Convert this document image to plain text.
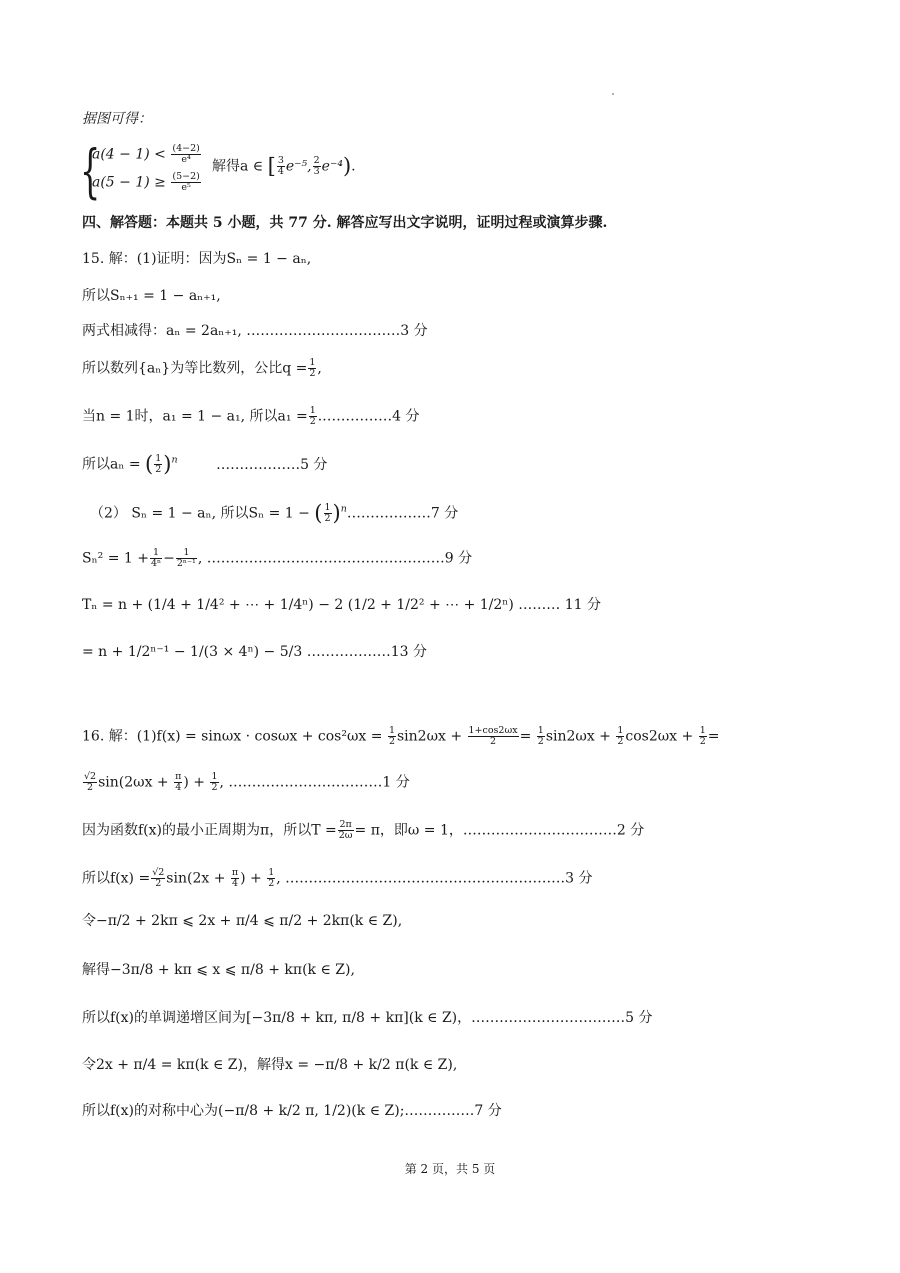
据图可得：
{
$a(4 - 1) < \frac{(4-2)}{\text{e⁴}}$
$a(5 - 1) \ge \frac{(5-2)}{\text{e⁵}}$
解得a ∈ [ $\frac{3}{4} e^{-5}$, $\frac{2}{3} e^{-4}$).
四、解答题：本题共 5 小题，共 77 分. 解答应写出文字说明，证明过程或演算步骤.
15. 解：(1)证明：因为Sₙ = 1 − aₙ,
所以Sₙ₊₁ = 1 − aₙ₊₁,
两式相减得：aₙ = 2aₙ₊₁, ……………………………3 分
所以数列{aₙ}为等比数列，公比$q = \frac{1}{2}$ ,
当n = 1时，a₁ = 1 − a₁, 所以$a_1 = \frac{1}{2}$ .……………4 分
所以aₙ = ( $\frac{1}{2} )^n$	………………5 分
（2） Sₙ = 1 − aₙ, 所以Sₙ = 1 − ( $\frac{1}{2}$ )$^n$………………7 分
$S_n^2 = 1 + \frac{1}{\text{4ⁿ}} - \frac{1}{\text{2ⁿ⁻¹}}$ , ……………………………………………9 分
Tₙ = n + (1/4 + 1/4² + ⋯ + 1/4ⁿ) − 2 (1/2 + 1/2² + ⋯ + 1/2ⁿ) ……… 11 分
= n + 1/2ⁿ⁻¹ − 1/(3 × 4ⁿ) − 5/3 ………………13 分
16. 解：$(1)f(x) = \sin\omega x \cdot \cos\omega x + \cos^2\omega x = \frac{1}{2} \sin 2\omega x + \frac{1+\cos 2\omega x}{2} = \frac{1}{2} \sin 2\omega x + \frac{1}{2} \cos 2\omega x + \frac{1}{2}$ =
$\frac{√2}{2} \sin(2\omega x + \frac{\pi}{4}$ ) + $\frac{1}{2}$ , ……………………………1 分
因为函数f(x)的最小正周期为π，所以$T = \frac{2\pi}{2\omega} = \pi$，即ω = 1，……………………………2 分
所以$f(x) = \frac{√2}{2} \sin(2x + \frac{\pi}{4}$ ) + $\frac{1}{2}$ , ……………………………………………………3 分
令−π/2 + 2kπ ⩽ 2x + π/4 ⩽ π/2 + 2kπ(k ∈ Z),
解得−3π/8 + kπ ⩽ x ⩽ π/8 + kπ(k ∈ Z),
所以f(x)的单调递增区间为[−3π/8 + kπ, π/8 + kπ](k ∈ Z)，……………………………5 分
令2x + π/4 = kπ(k ∈ Z)，解得x = −π/8 + k/2 π(k ∈ Z),
所以f(x)的对称中心为(−π/8 + k/2 π, 1/2)(k ∈ Z);……………7 分
第 2 页，共 5 页
